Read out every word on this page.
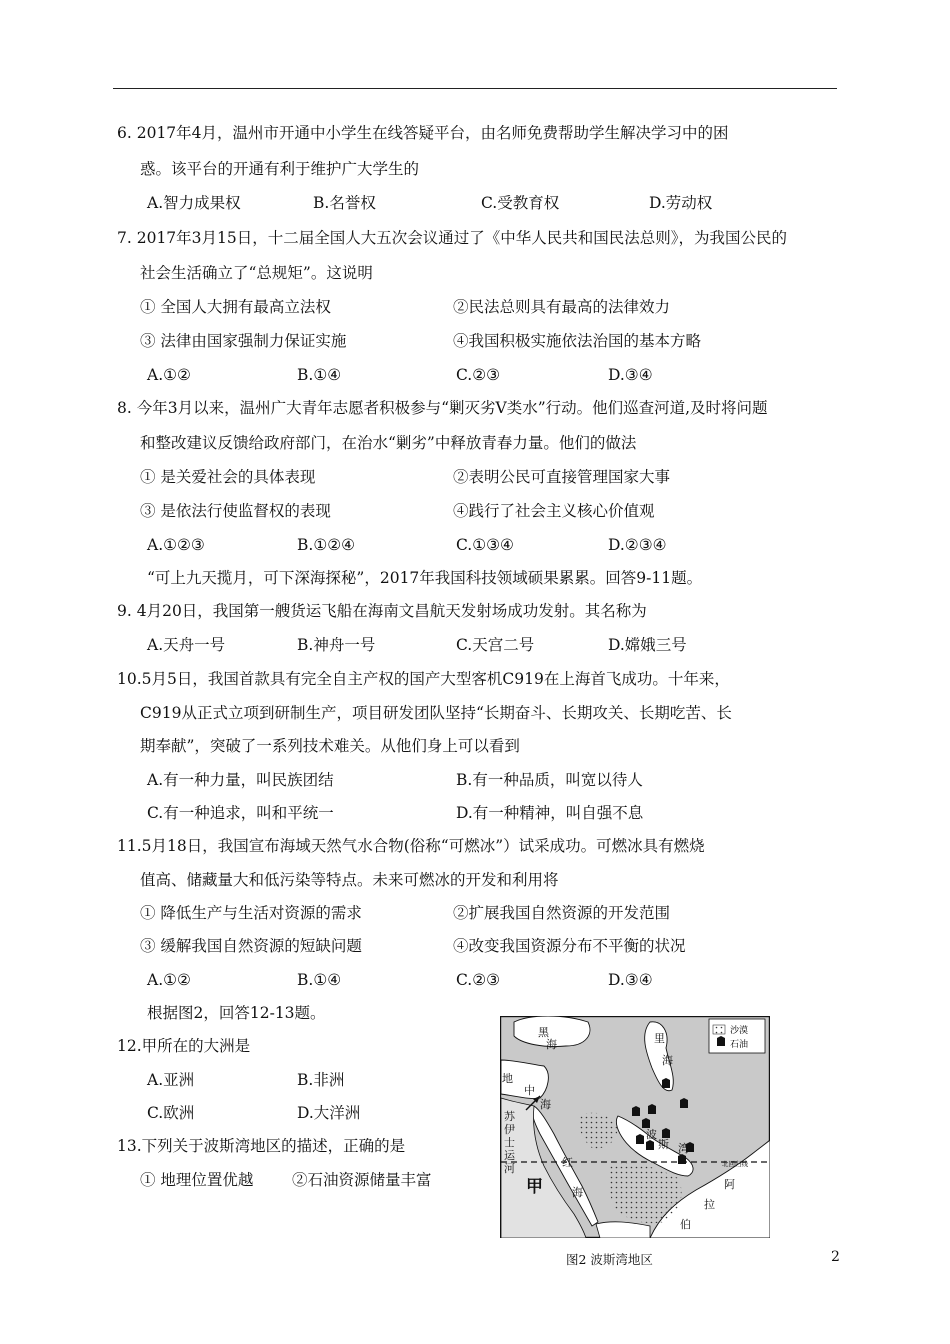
6. 2017年4月，温州市开通中小学生在线答疑平台，由名师免费帮助学生解决学习中的困
惑。该平台的开通有利于维护广大学生的
A.智力成果权	B.名誉权	C.受教育权	D.劳动权
7. 2017年3月15日，十二届全国人大五次会议通过了《中华人民共和国民法总则》，为我国公民的
社会生活确立了“总规矩”。这说明
① 全国人大拥有最高立法权	②民法总则具有最高的法律效力
③ 法律由国家强制力保证实施	④我国积极实施依法治国的基本方略
A.①②	B.①④	C.②③	D.③④
8. 今年3月以来，温州广大青年志愿者积极参与“剿灭劣Ⅴ类水”行动。他们巡查河道,及时将问题
和整改建议反馈给政府部门，在治水“剿劣”中释放青春力量。他们的做法
① 是关爱社会的具体表现	②表明公民可直接管理国家大事
③ 是依法行使监督权的表现	④践行了社会主义核心价值观
A.①②③	B.①②④	C.①③④	D.②③④
“可上九天揽月，可下深海探秘”，2017年我国科技领域硕果累累。回答9-11题。
9. 4月20日，我国第一艘货运飞船在海南文昌航天发射场成功发射。其名称为
A.天舟一号	B.神舟一号	C.天宫二号	D.嫦娥三号
10.5月5日，我国首款具有完全自主产权的国产大型客机C919在上海首飞成功。十年来，
C919从正式立项到研制生产，项目研发团队坚持“长期奋斗、长期攻关、长期吃苦、长
期奉献”，突破了一系列技术难关。从他们身上可以看到
A.有一种力量，叫民族团结	B.有一种品质，叫宽以待人
C.有一种追求，叫和平统一	D.有一种精神，叫自强不息
11.5月18日，我国宣布海域天然气水合物(俗称“可燃冰”）试采成功。可燃冰具有燃烧
值高、储藏量大和低污染等特点。未来可燃冰的开发和利用将
① 降低生产与生活对资源的需求	②扩展我国自然资源的开发范围
③ 缓解我国自然资源的短缺问题	④改变我国资源分布不平衡的状况
A.①②	B.①④	C.②③	D.③④
根据图2，回答12-13题。
12.甲所在的大洲是
A.亚洲	B.非洲
C.欧洲	D.大洋洲
13.下列关于波斯湾地区的描述，正确的是
① 地理位置优越 ②石油资源储量丰富
沙漠
石油
黑
海	里
海
地
中
海
苏
伊
士
运
河	红
海
波
斯 湾
阿
拉
伯
北回归线
甲
图2 波斯湾地区	2
